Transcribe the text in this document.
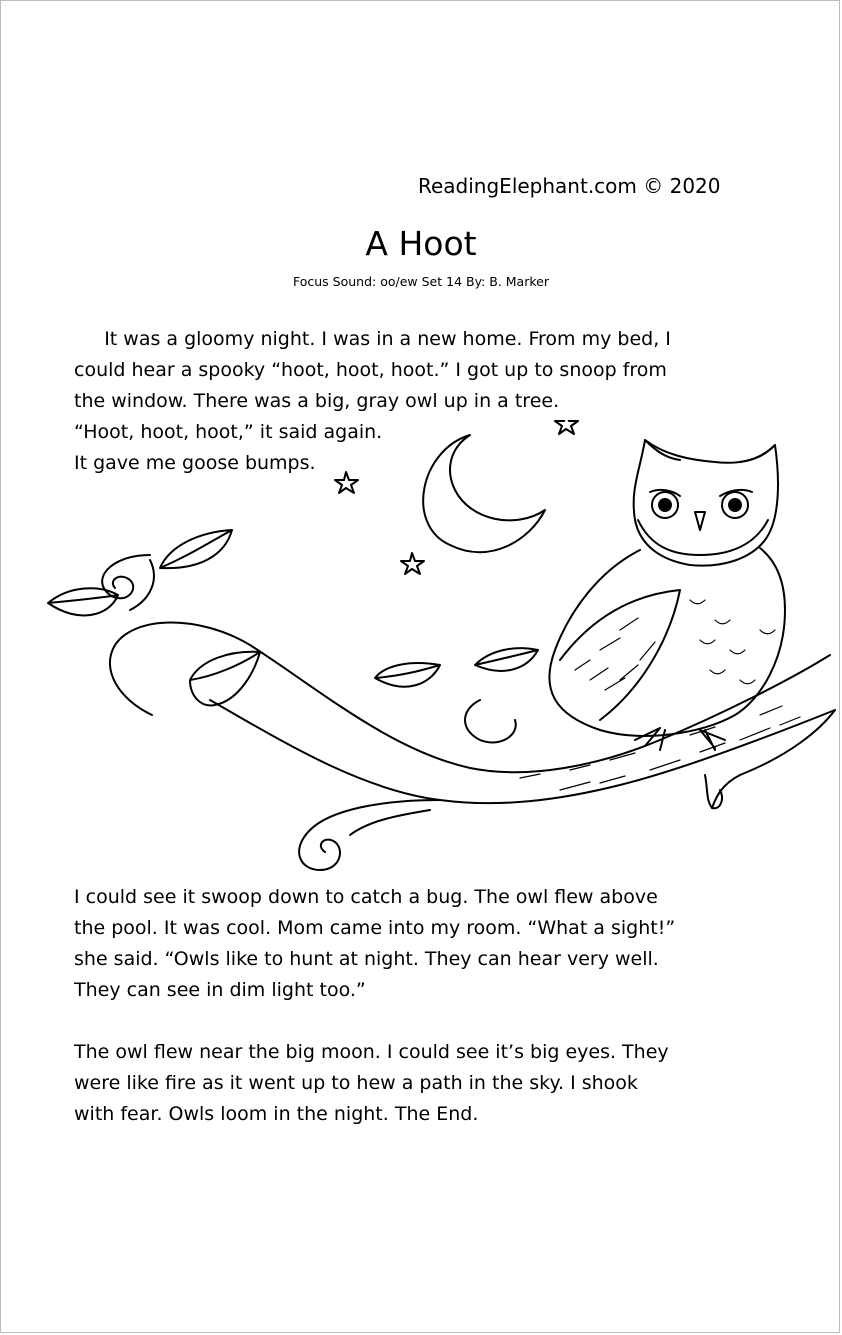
ReadingElephant.com © 2020
A Hoot
Focus Sound: oo/ew Set 14 By: B. Marker
It was a gloomy night. I was in a new home. From my bed, I
could hear a spooky “hoot, hoot, hoot.” I got up to snoop from
the window. There was a big, gray owl up in a tree.
“Hoot, hoot, hoot,” it said again.
It gave me goose bumps.
I could see it swoop down to catch a bug. The owl flew above
the pool. It was cool. Mom came into my room. “What a sight!”
she said. “Owls like to hunt at night. They can hear very well.
They can see in dim light too.”
The owl flew near the big moon. I could see it’s big eyes. They
were like fire as it went up to hew a path in the sky. I shook
with fear. Owls loom in the night. The End.
